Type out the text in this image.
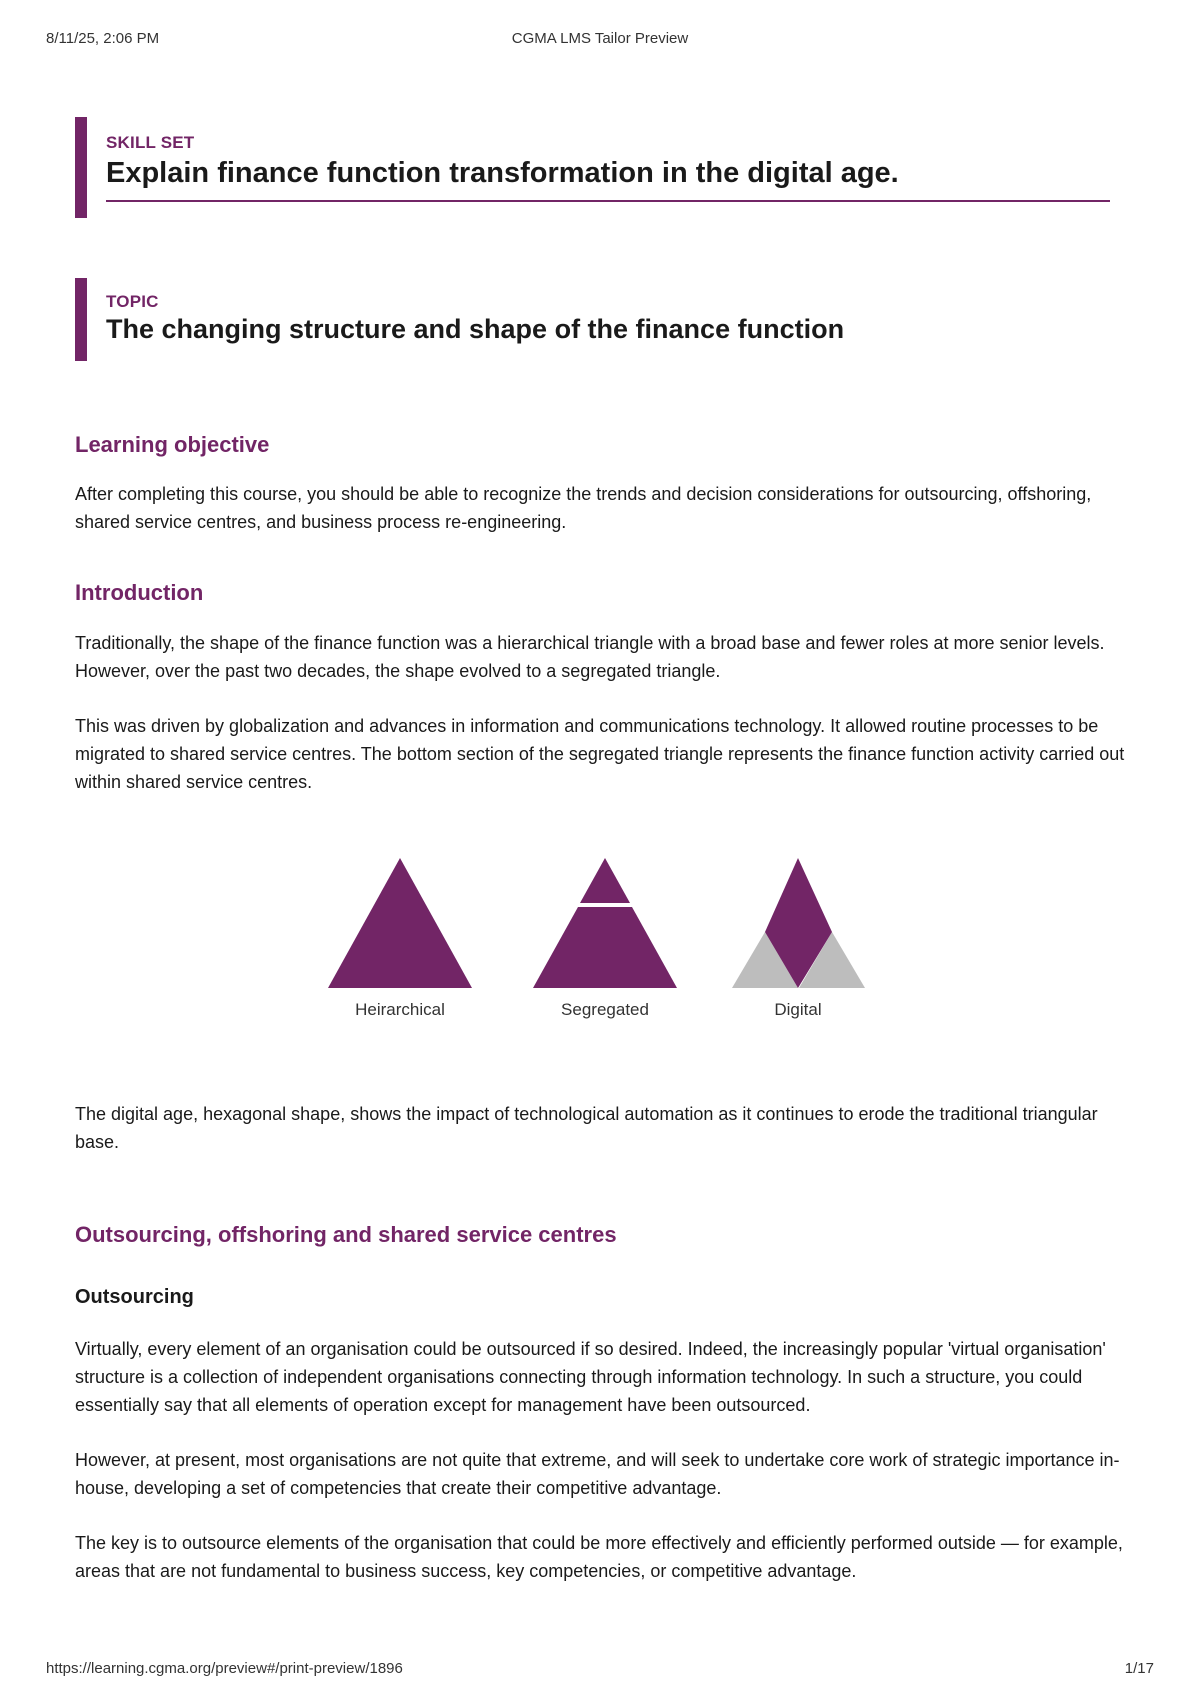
8/11/25, 2:06 PM	CGMA LMS Tailor Preview
SKILL SET
Explain finance function transformation in the digital age.
TOPIC
The changing structure and shape of the finance function
Learning objective

After completing this course, you should be able to recognize the trends and decision considerations for outsourcing, offshoring, shared service centres, and business process re-engineering.

Introduction

Traditionally, the shape of the finance function was a hierarchical triangle with a broad base and fewer roles at more senior levels. However, over the past two decades, the shape evolved to a segregated triangle.

This was driven by globalization and advances in information and communications technology. It allowed routine processes to be migrated to shared service centres. The bottom section of the segregated triangle represents the finance function activity carried out within shared service centres.

The digital age, hexagonal shape, shows the impact of technological automation as it continues to erode the traditional triangular base.

Outsourcing, offshoring and shared service centres
Outsourcing

Virtually, every element of an organisation could be outsourced if so desired. Indeed, the increasingly popular 'virtual organisation' structure is a collection of independent organisations connecting through information technology. In such a structure, you could essentially say that all elements of operation except for management have been outsourced.

However, at present, most organisations are not quite that extreme, and will seek to undertake core work of strategic importance in-house, developing a set of competencies that create their competitive advantage.

The key is to outsource elements of the organisation that could be more effectively and efficiently performed outside — for example, areas that are not fundamental to business success, key competencies, or competitive advantage.

Heirarchical	Segregated	Digital
https://learning.cgma.org/preview#/print-preview/1896	1/17
